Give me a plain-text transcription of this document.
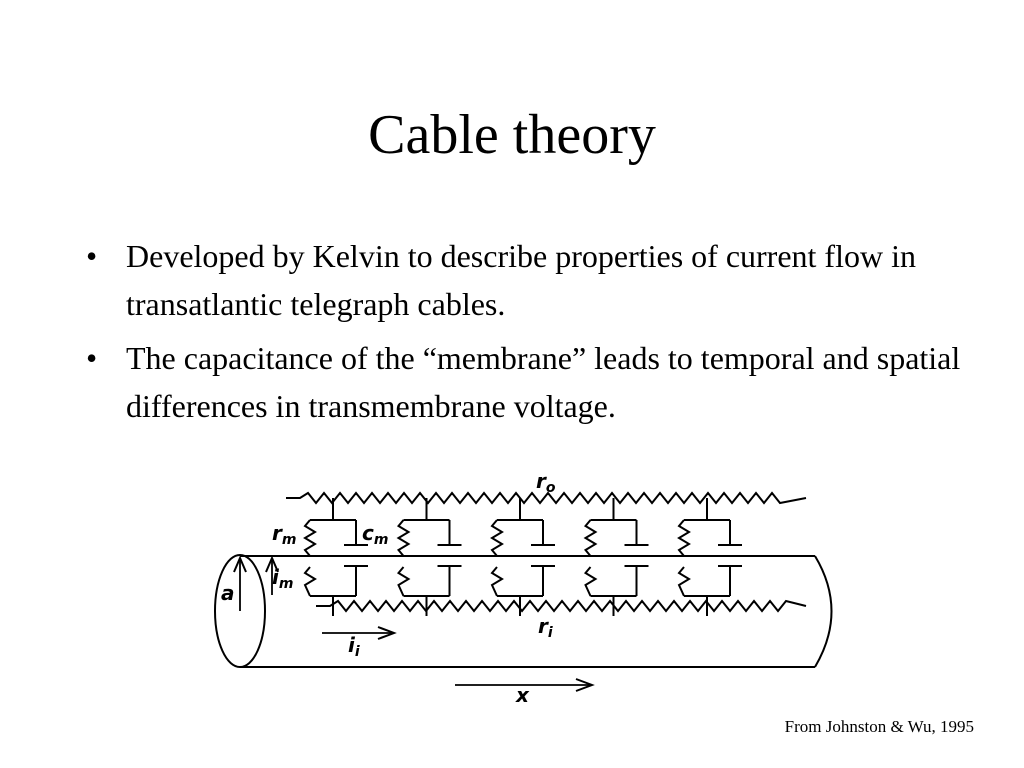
Cable theory
• Developed by Kelvin to describe properties of current flow in transatlantic telegraph cables.
• The capacitance of the “membrane” leads to temporal and spatial differences in transmembrane voltage.
$r_o$
$r_m$	$c_m$
$i_m$
a
$r_i$
$i_i$
x
From Johnston & Wu, 1995
